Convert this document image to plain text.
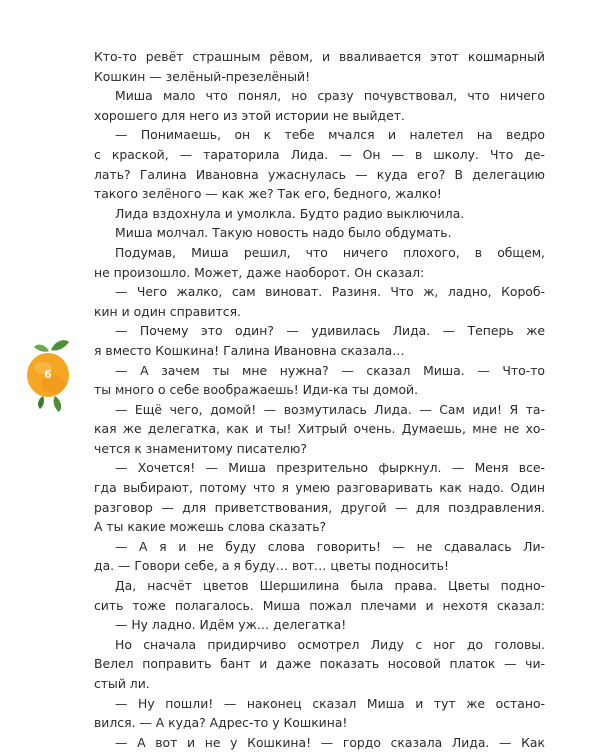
6
Кто-то ревёт страшным рёвом, и вваливается этот кошмарный
Кошкин — зелёный-презелёный!
Миша мало что понял, но сразу почувствовал, что ничего
хорошего для него из этой истории не выйдет.
— Понимаешь, он к тебе мчался и налетел на ведро
с краской, — тараторила Лида. — Он — в школу. Что де-
лать? Галина Ивановна ужаснулась — куда его? В делегацию
такого зелёного — как же? Так его, бедного, жалко!
Лида вздохнула и умолкла. Будто радио выключила.
Миша молчал. Такую новость надо было обдумать.
Подумав, Миша решил, что ничего плохого, в общем,
не произошло. Может, даже наоборот. Он сказал:
— Чего жалко, сам виноват. Разиня. Что ж, ладно, Короб-
кин и один справится.
— Почему это один? — удивилась Лида. — Теперь же
я вместо Кошкина! Галина Ивановна сказала…
— А зачем ты мне нужна? — сказал Миша. — Что-то
ты много о себе воображаешь! Иди-ка ты домой.
— Ещё чего, домой! — возмутилась Лида. — Сам иди! Я та-
кая же делегатка, как и ты! Хитрый очень. Думаешь, мне не хо-
чется к знаменитому писателю?
— Хочется! — Миша презрительно фыркнул. — Меня все-
гда выбирают, потому что я умею разговаривать как надо. Один
разговор — для приветствования, другой — для поздравления.
А ты какие можешь слова сказать?
— А я и не буду слова говорить! — не сдавалась Ли-
да. — Говори себе, а я буду… вот… цветы подносить!
Да, насчёт цветов Шершилина была права. Цветы подно-
сить тоже полагалось. Миша пожал плечами и нехотя сказал:
— Ну ладно. Идём уж… делегатка!
Но сначала придирчиво осмотрел Лиду с ног до головы.
Велел поправить бант и даже показать носовой платок — чи-
стый ли.
— Ну пошли! — наконец сказал Миша и тут же остано-
вился. — А куда? Адрес-то у Кошкина!
— А вот и не у Кошкина! — гордо сказала Лида. — Как
